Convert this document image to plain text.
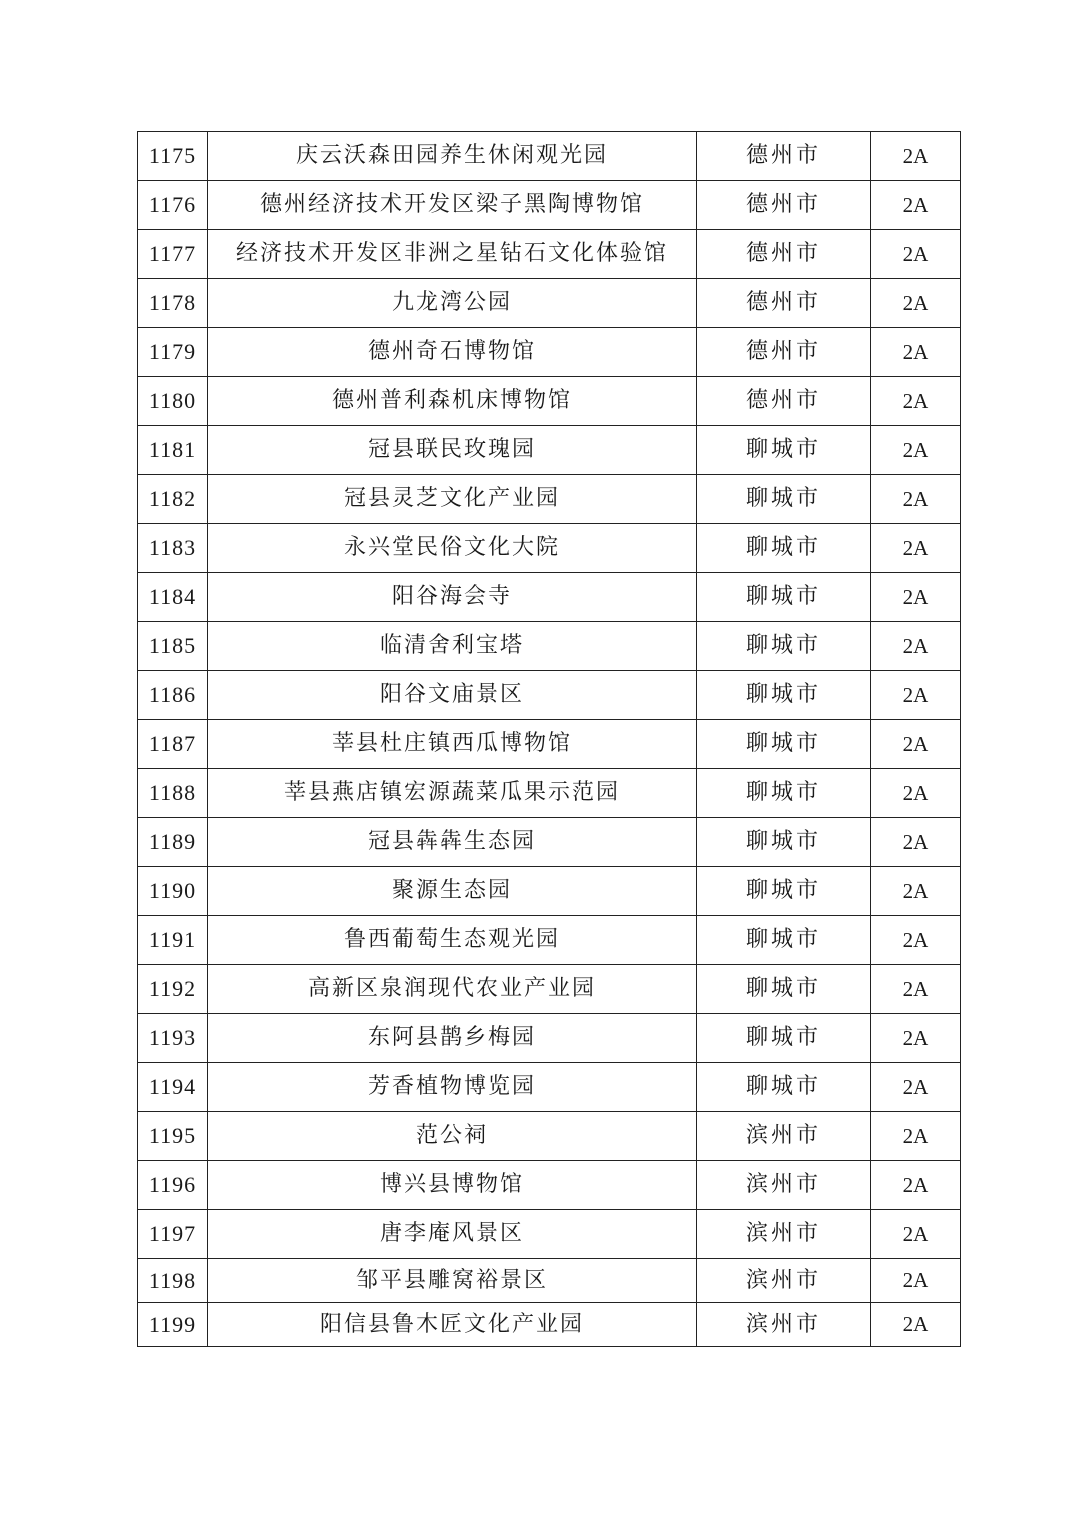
1175	庆云沃森田园养生休闲观光园	德州市	2A
1176	德州经济技术开发区梁子黑陶博物馆	德州市	2A
1177	经济技术开发区非洲之星钻石文化体验馆	德州市	2A
1178	九龙湾公园	德州市	2A
1179	德州奇石博物馆	德州市	2A
1180	德州普利森机床博物馆	德州市	2A
1181	冠县联民玫瑰园	聊城市	2A
1182	冠县灵芝文化产业园	聊城市	2A
1183	永兴堂民俗文化大院	聊城市	2A
1184	阳谷海会寺	聊城市	2A
1185	临清舍利宝塔	聊城市	2A
1186	阳谷文庙景区	聊城市	2A
1187	莘县杜庄镇西瓜博物馆	聊城市	2A
1188	莘县燕店镇宏源蔬菜瓜果示范园	聊城市	2A
1189	冠县犇犇生态园	聊城市	2A
1190	聚源生态园	聊城市	2A
1191	鲁西葡萄生态观光园	聊城市	2A
1192	高新区泉润现代农业产业园	聊城市	2A
1193	东阿县鹊乡梅园	聊城市	2A
1194	芳香植物博览园	聊城市	2A
1195	范公祠	滨州市	2A
1196	博兴县博物馆	滨州市	2A
1197	唐李庵风景区	滨州市	2A
1198	邹平县雕窝裕景区	滨州市	2A
1199	阳信县鲁木匠文化产业园	滨州市	2A
